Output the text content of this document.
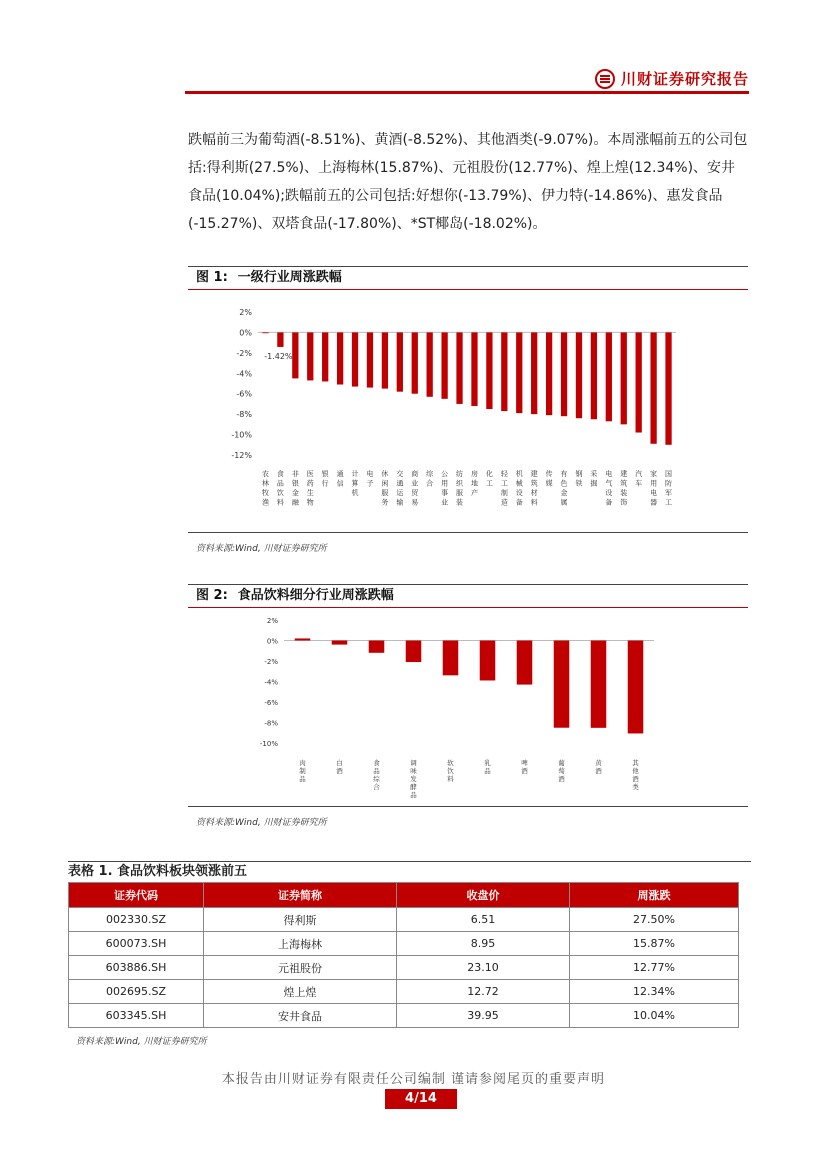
川财证券研究报告
跌幅前三为葡萄酒(-8.51%)、黄酒(-8.52%)、其他酒类(-9.07%)。本周涨幅前五的公司包括:得利斯(27.5%)、上海梅林(15.87%)、元祖股份(12.77%)、煌上煌(12.34%)、安井食品(10.04%);跌幅前五的公司包括:好想你(-13.79%)、伊力特(-14.86%)、惠发食品(-15.27%)、双塔食品(-17.80%)、*ST椰岛(-18.02%)。
图 1: 一级行业周涨跌幅
2%
0%
-2%
-4%
-6%
-8%
-10%
-12%
农
林
牧
渔
食
品
饮
料
非
银
金
融
医
药
生
物
银
行
通
信
计
算
机
电
子
休
闲
服
务
交
通
运
输
商
业
贸
易
综
合
公
用
事
业
纺
织
服
装
房
地
产
化
工
轻
工
制
造
机
械
设
备
建
筑
材
料
传
媒
有
色
金
属
钢
铁
采
掘
电
气
设
备
建
筑
装
饰
汽
车
家
用
电
器
国
防
军
工
-1.42%
资料来源:Wind, 川财证券研究所
图 2: 食品饮料细分行业周涨跌幅
2%
0%
-2%
-4%
-6%
-8%
-10%
肉
制
品
白
酒
食
品
综
合
调
味
发
酵
品
软
饮
料
乳
品
啤
酒
葡
萄
酒
黄
酒
其
他
酒
类
资料来源:Wind, 川财证券研究所
表格 1. 食品饮料板块领涨前五
证券代码	证券简称	收盘价	周涨跌
002330.SZ	得利斯	6.51	27.50%
600073.SH	上海梅林	8.95	15.87%
603886.SH	元祖股份	23.10	12.77%
002695.SZ	煌上煌	12.72	12.34%
603345.SH	安井食品	39.95	10.04%
资料来源:Wind, 川财证券研究所
本报告由川财证券有限责任公司编制 谨请参阅尾页的重要声明
4/14
